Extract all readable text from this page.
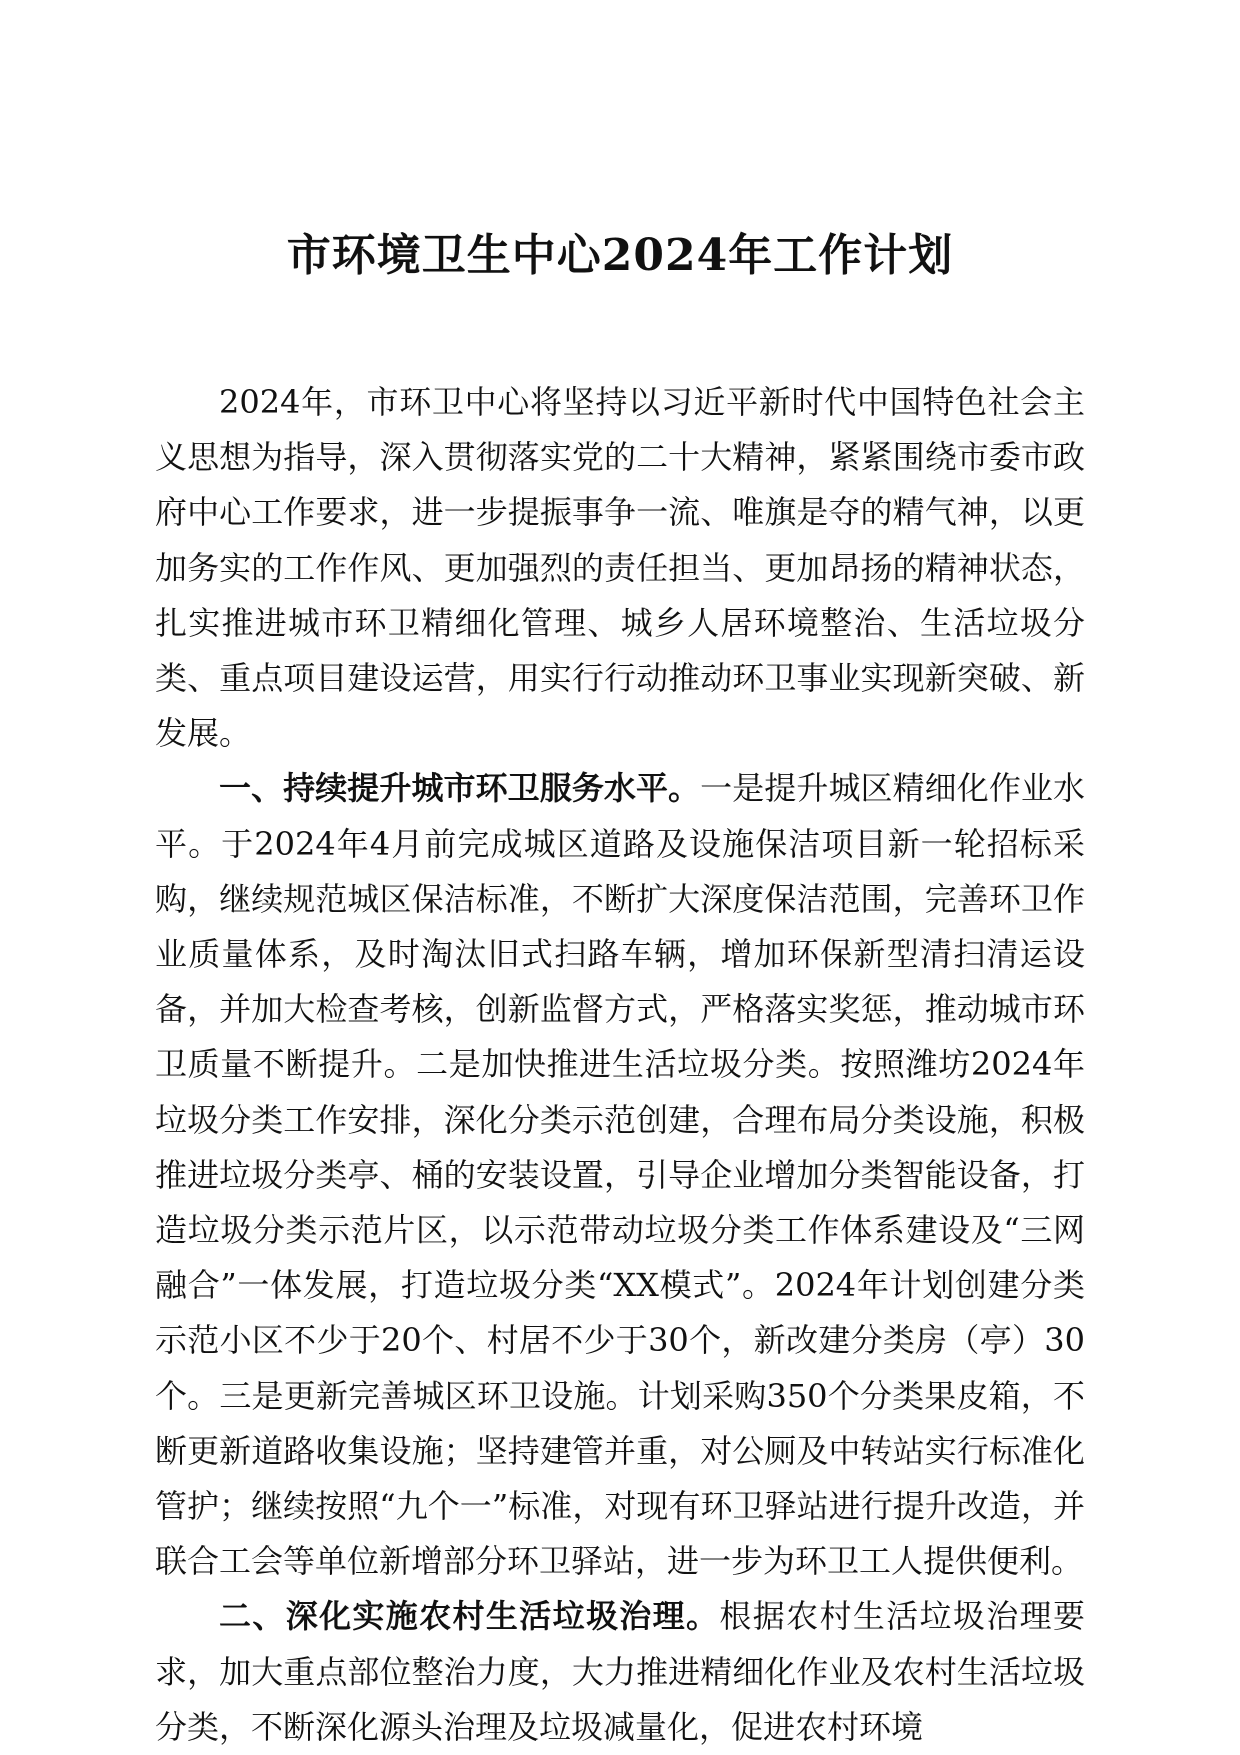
市环境卫生中心2024年工作计划

2024年，市环卫中心将坚持以习近平新时代中国特色社会主义思想为指导，深入贯彻落实党的二十大精神，紧紧围绕市委市政府中心工作要求，进一步提振事争一流、唯旗是夺的精气神，以更加务实的工作作风、更加强烈的责任担当、更加昂扬的精神状态，扎实推进城市环卫精细化管理、城乡人居环境整治、生活垃圾分类、重点项目建设运营，用实行行动推动环卫事业实现新突破、新发展。

一、持续提升城市环卫服务水平。一是提升城区精细化作业水平。于2024年4月前完成城区道路及设施保洁项目新一轮招标采购，继续规范城区保洁标准，不断扩大深度保洁范围，完善环卫作业质量体系，及时淘汰旧式扫路车辆，增加环保新型清扫清运设备，并加大检查考核，创新监督方式，严格落实奖惩，推动城市环卫质量不断提升。二是加快推进生活垃圾分类。按照潍坊2024年垃圾分类工作安排，深化分类示范创建，合理布局分类设施，积极推进垃圾分类亭、桶的安装设置，引导企业增加分类智能设备，打造垃圾分类示范片区，以示范带动垃圾分类工作体系建设及“三网融合”一体发展，打造垃圾分类“XX模式”。2024年计划创建分类示范小区不少于20个、村居不少于30个，新改建分类房（亭）30个。三是更新完善城区环卫设施。计划采购350个分类果皮箱，不断更新道路收集设施；坚持建管并重，对公厕及中转站实行标准化管护；继续按照“九个一”标准，对现有环卫驿站进行提升改造，并联合工会等单位新增部分环卫驿站，进一步为环卫工人提供便利。

二、深化实施农村生活垃圾治理。根据农村生活垃圾治理要求，加大重点部位整治力度，大力推进精细化作业及农村生活垃圾分类，不断深化源头治理及垃圾减量化，促进农村环境
